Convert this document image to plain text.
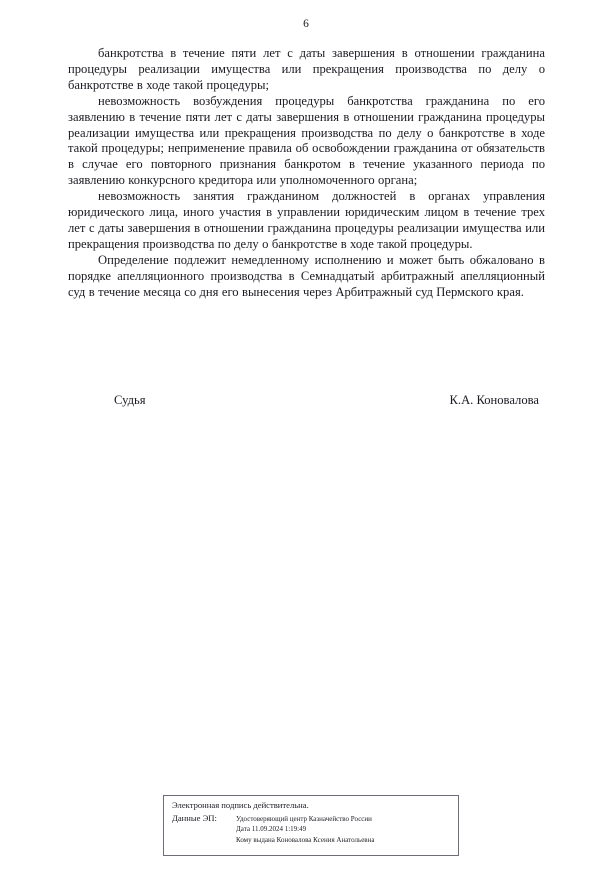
6

банкротства в течение пяти лет с даты завершения в отношении гражданина процедуры реализации имущества или прекращения производства по делу о банкротстве в ходе такой процедуры;

невозможность возбуждения процедуры банкротства гражданина по его заявлению в течение пяти лет с даты завершения в отношении гражданина процедуры реализации имущества или прекращения производства по делу о банкротстве в ходе такой процедуры; неприменение правила об освобождении гражданина от обязательств в случае его повторного признания банкротом в течение указанного периода по заявлению конкурсного кредитора или уполномоченного органа;

невозможность занятия гражданином должностей в органах управления юридического лица, иного участия в управлении юридическим лицом в течение трех лет с даты завершения в отношении гражданина процедуры реализации имущества или прекращения производства по делу о банкротстве в ходе такой процедуры.

Определение подлежит немедленному исполнению и может быть обжаловано в порядке апелляционного производства в Семнадцатый арбитражный апелляционный суд в течение месяца со дня его вынесения через Арбитражный суд Пермского края.

Судья	К.А. Коновалова
Электронная подпись действительна.
Данные ЭП:	Удостоверяющий центр Казначейство России
Дата 11.09.2024 1:19:49
Кому выдана Коновалова Ксения Анатольевна
